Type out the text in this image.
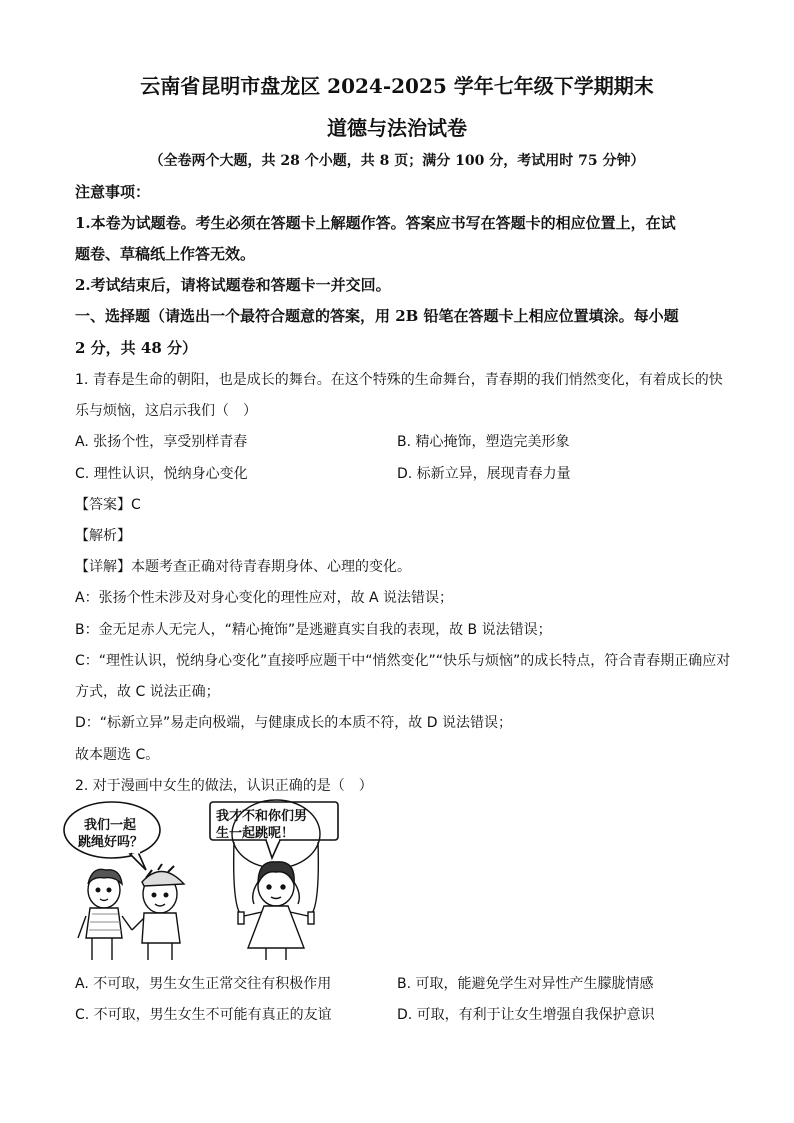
云南省昆明市盘龙区 2024-2025 学年七年级下学期期末
道德与法治试卷
（全卷两个大题，共 28 个小题，共 8 页；满分 100 分，考试用时 75 分钟）
注意事项：
1.本卷为试题卷。考生必须在答题卡上解题作答。答案应书写在答题卡的相应位置上，在试
题卷、草稿纸上作答无效。
2.考试结束后，请将试题卷和答题卡一并交回。
一、选择题（请选出一个最符合题意的答案，用 2B 铅笔在答题卡上相应位置填涂。每小题
2 分，共 48 分）
1. 青春是生命的朝阳，也是成长的舞台。在这个特殊的生命舞台，青春期的我们悄然变化，有着成长的快
乐与烦恼，这启示我们（　）
A. 张扬个性，享受别样青春	B. 精心掩饰，塑造完美形象
C. 理性认识，悦纳身心变化	D. 标新立异，展现青春力量
【答案】C
【解析】
【详解】本题考查正确对待青春期身体、心理的变化。
A：张扬个性未涉及对身心变化的理性应对，故 A 说法错误；
B：金无足赤人无完人，“精心掩饰”是逃避真实自我的表现，故 B 说法错误；
C：“理性认识，悦纳身心变化”直接呼应题干中“悄然变化”“快乐与烦恼”的成长特点，符合青春期正确应对
方式，故 C 说法正确；
D：“标新立异”易走向极端，与健康成长的本质不符，故 D 说法错误；
故本题选 C。
2. 对于漫画中女生的做法，认识正确的是（　）
我们一起
跳绳好吗？
我才不和你们男
生一起跳呢！
A. 不可取，男生女生正常交往有积极作用	B. 可取，能避免学生对异性产生朦胧情感
C. 不可取，男生女生不可能有真正的友谊	D. 可取，有利于让女生增强自我保护意识
